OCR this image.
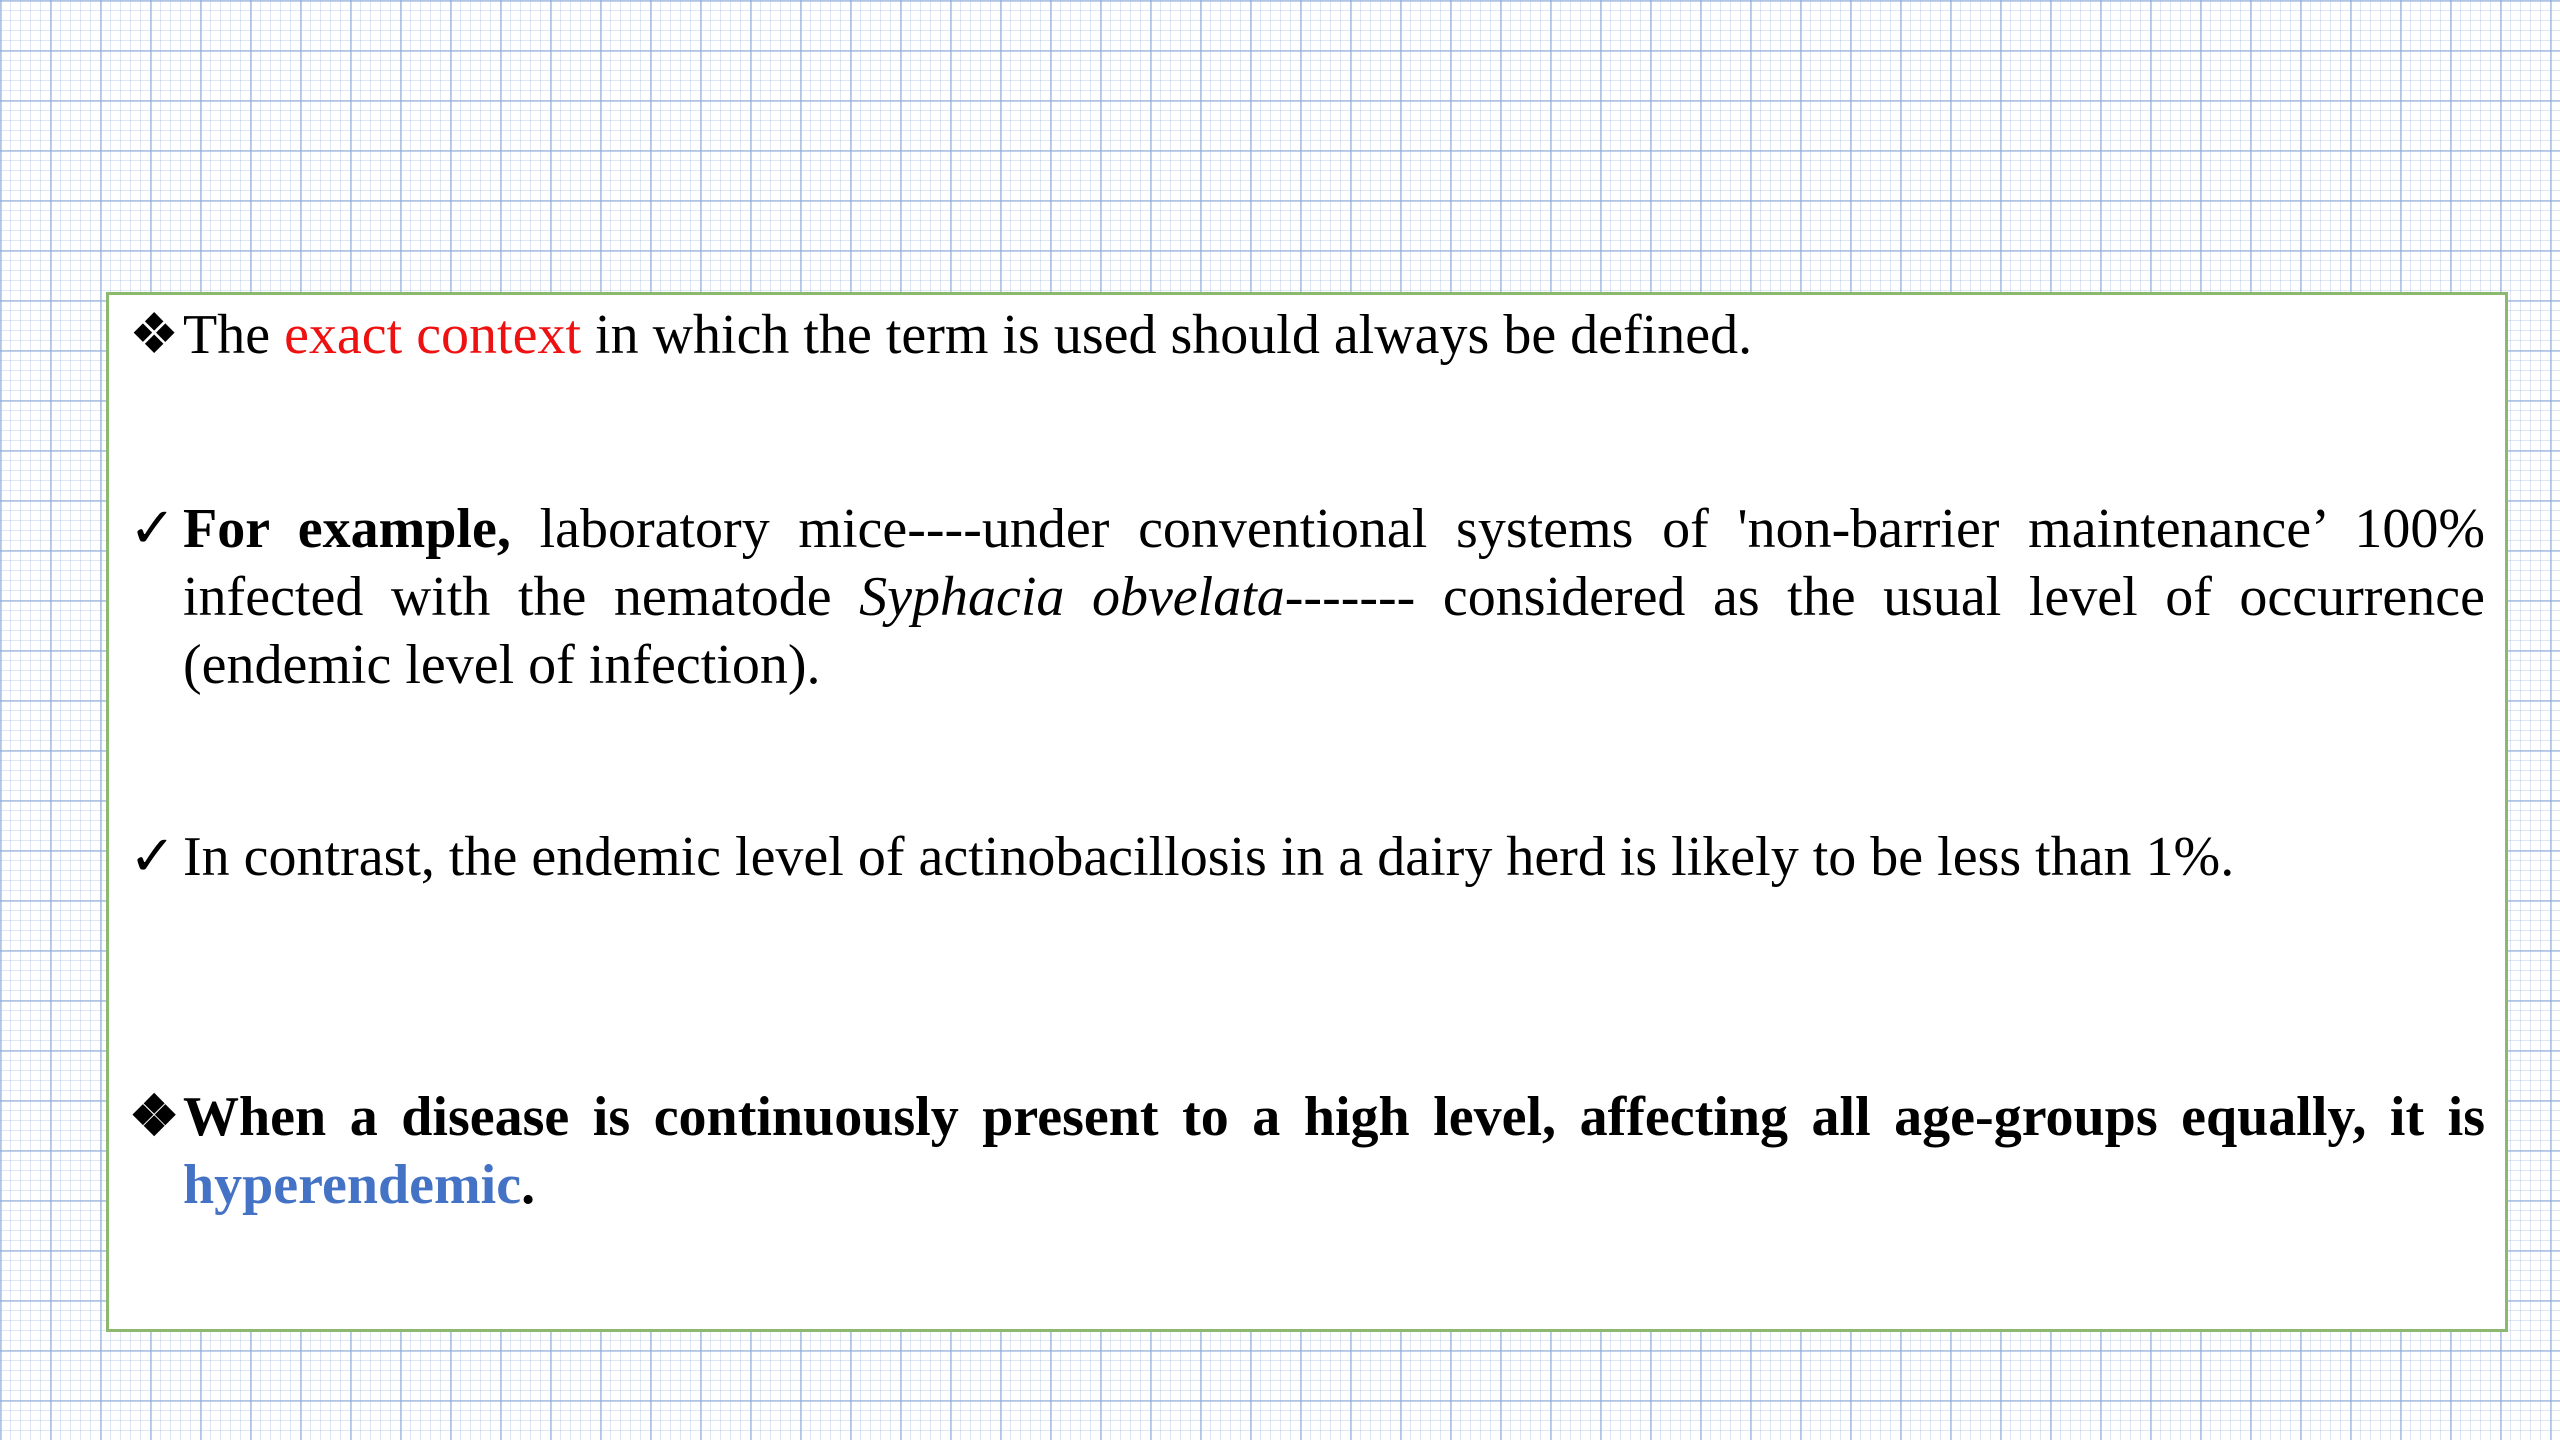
❖ The exact context in which the term is used should always be defined.
✓ For example, laboratory mice----under conventional systems of 'non-barrier maintenance’ 100% infected with the nematode Syphacia obvelata------- considered as the usual level of occurrence (endemic level of infection).
✓ In contrast, the endemic level of actinobacillosis in a dairy herd is likely to be less than 1%.
❖ When a disease is continuously present to a high level, affecting all age-groups equally, it is hyperendemic.
